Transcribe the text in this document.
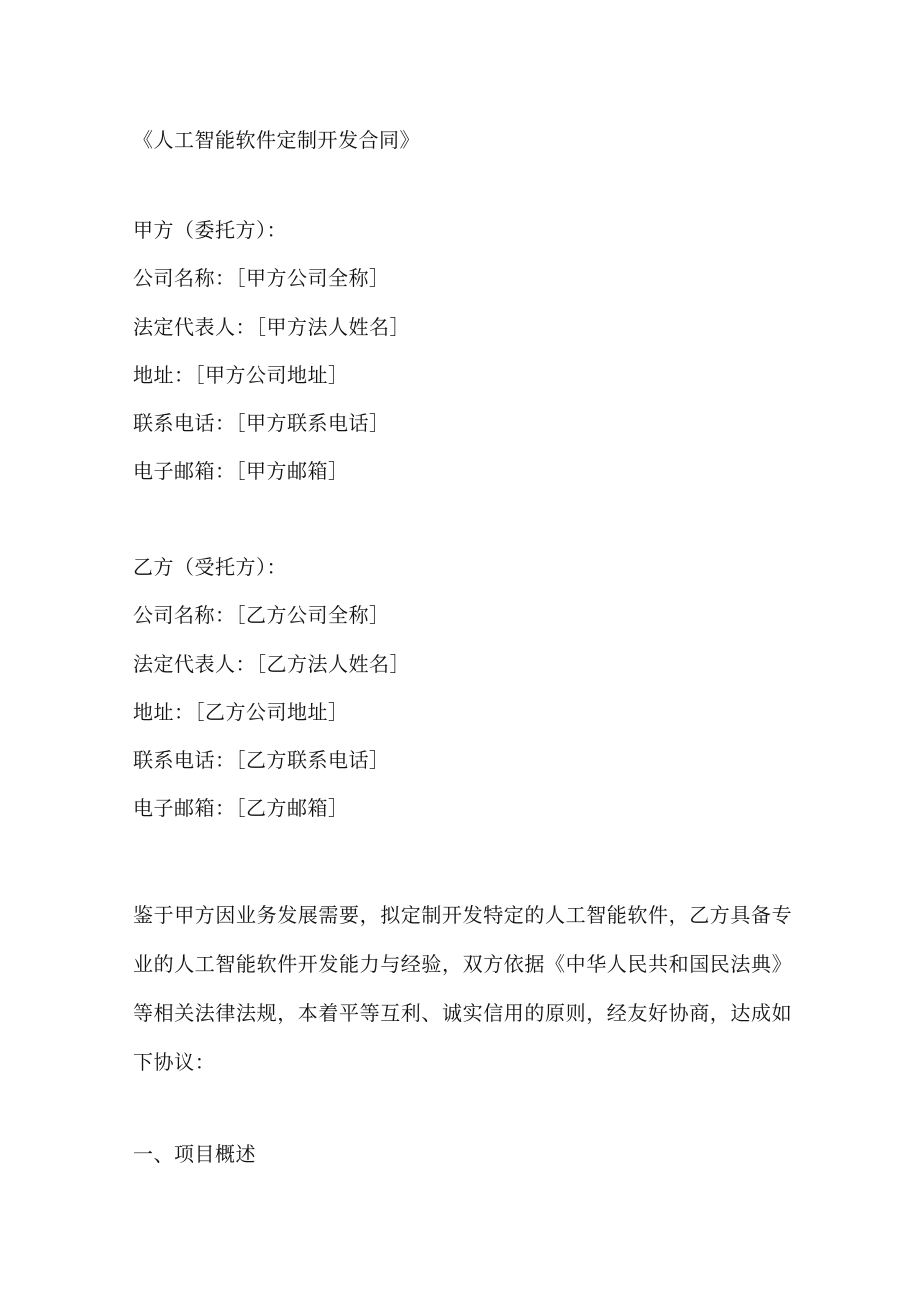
《人工智能软件定制开发合同》

甲方（委托方）：

公司名称：［甲方公司全称］

法定代表人：［甲方法人姓名］

地址：［甲方公司地址］

联系电话：［甲方联系电话］

电子邮箱：［甲方邮箱］

乙方（受托方）：

公司名称：［乙方公司全称］

法定代表人：［乙方法人姓名］

地址：［乙方公司地址］

联系电话：［乙方联系电话］

电子邮箱：［乙方邮箱］

鉴于甲方因业务发展需要，拟定制开发特定的人工智能软件，乙方具备专
业的人工智能软件开发能力与经验，双方依据《中华人民共和国民法典》
等相关法律法规，本着平等互利、诚实信用的原则，经友好协商，达成如
下协议：
一、项目概述
